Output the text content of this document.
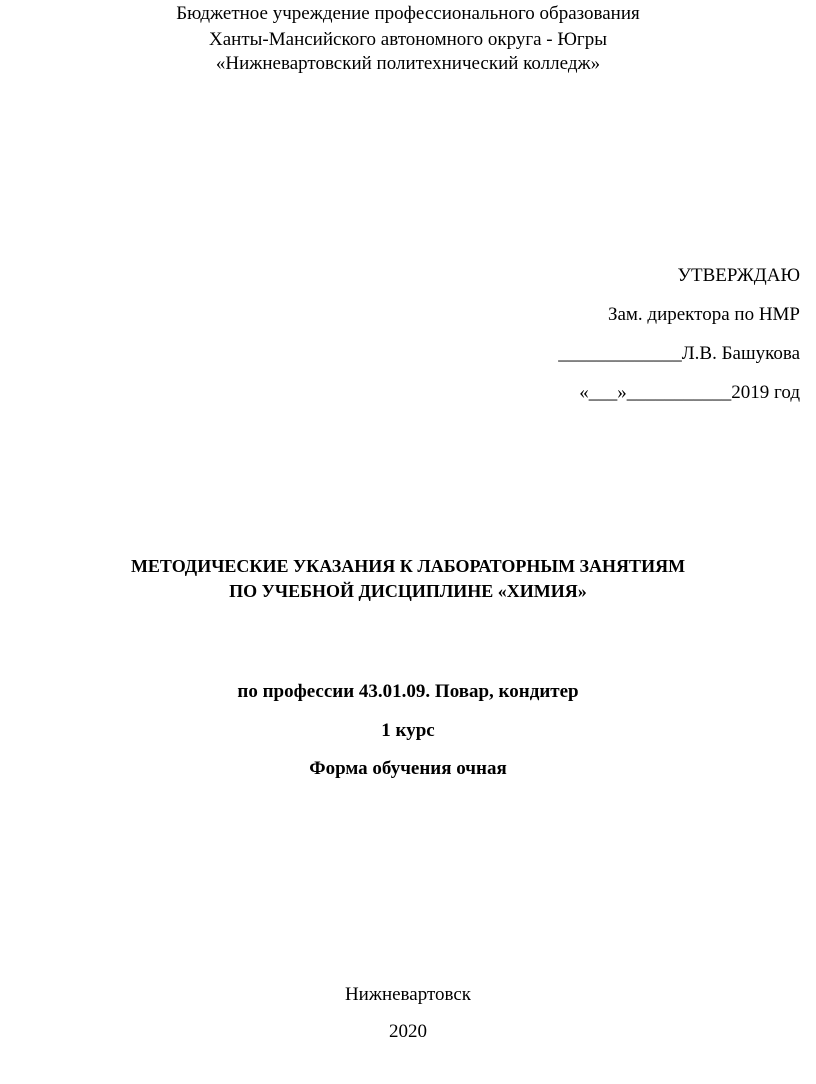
Бюджетное учреждение профессионального образования
Ханты-Мансийского автономного округа - Югры
«Нижневартовский политехнический колледж»
УТВЕРЖДАЮ
Зам. директора по НМР
_____________Л.В. Башукова
«___»___________2019 год
МЕТОДИЧЕСКИЕ УКАЗАНИЯ К ЛАБОРАТОРНЫМ ЗАНЯТИЯМ
ПО УЧЕБНОЙ ДИСЦИПЛИНЕ «ХИМИЯ»
по профессии 43.01.09. Повар, кондитер
1 курс
Форма обучения очная
Нижневартовск
2020
